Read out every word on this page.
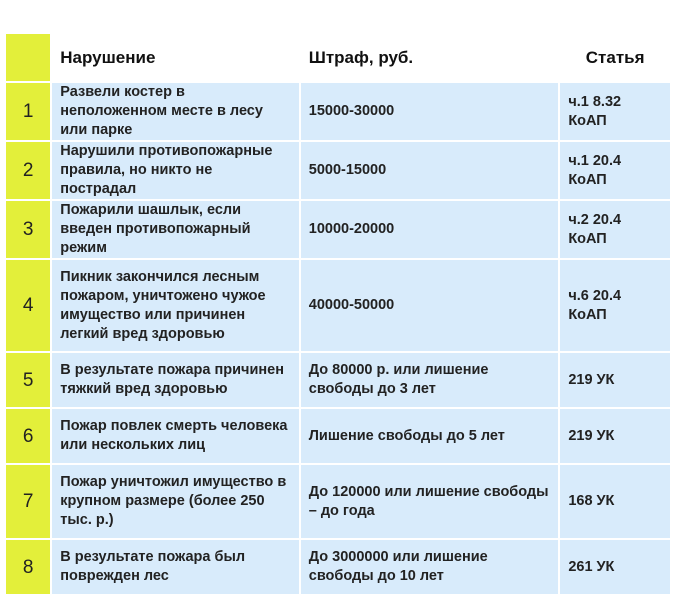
	Нарушение	Штраф, руб.	Статья
1	Развели костер в неположенном месте в лесу или парке	15000-30000	ч.1 8.32 КоАП
2	Нарушили противопожарные правила, но никто не пострадал	5000-15000	ч.1 20.4 КоАП
3	Пожарили шашлык, если введен противопожарный режим	10000-20000	ч.2 20.4 КоАП
4	Пикник закончился лесным пожаром, уничтожено чужое имущество или причинен легкий вред здоровью	40000-50000	ч.6 20.4 КоАП
5	В результате пожара причинен тяжкий вред здоровью	До 80000 р. или лишение свободы до 3 лет	219 УК
6	Пожар повлек смерть человека или нескольких лиц	Лишение свободы до 5 лет	219 УК
7	Пожар уничтожил имущество в крупном размере (более 250 тыс. р.)	До 120000 или лишение свободы – до года	168 УК
8	В результате пожара был поврежден лес	До 3000000 или лишение свободы до 10 лет	261 УК
